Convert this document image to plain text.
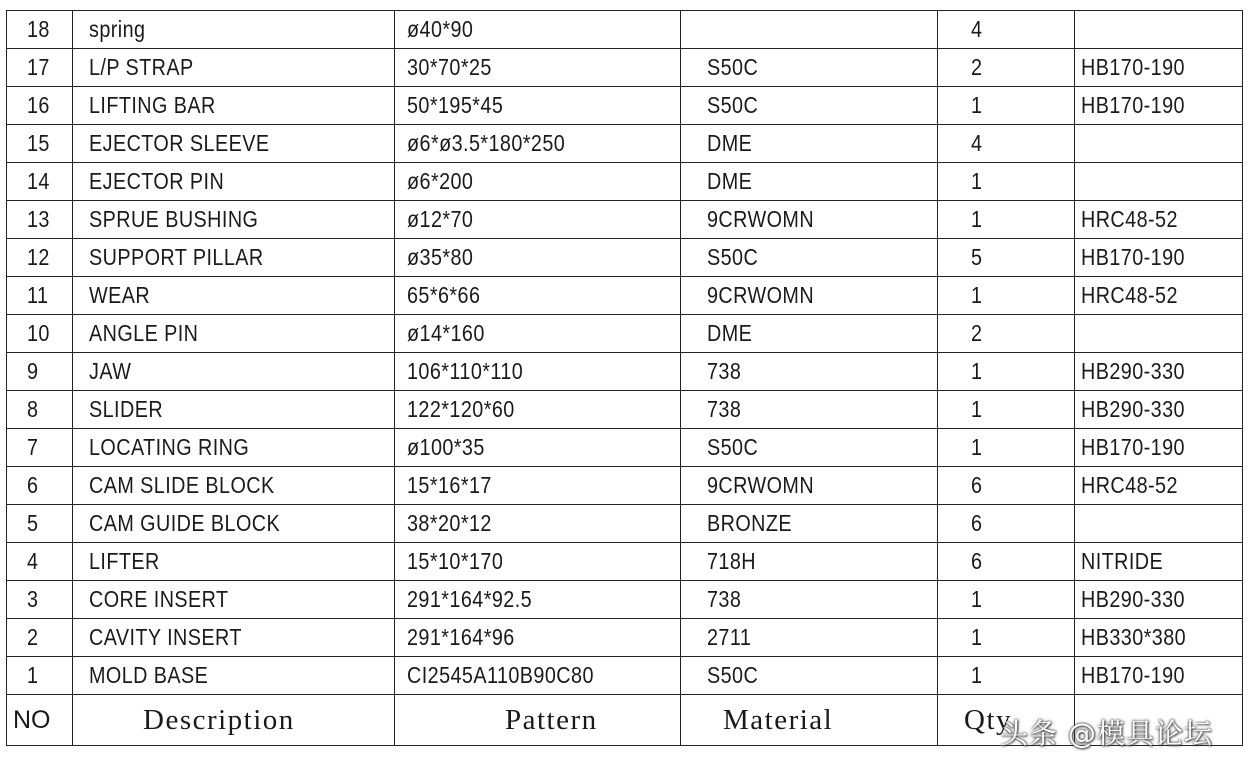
18	spring	ø40*90		4	
17	L/P STRAP	30*70*25	S50C	2	HB170-190
16	LIFTING BAR	50*195*45	S50C	1	HB170-190
15	EJECTOR SLEEVE	ø6*ø3.5*180*250	DME	4	
14	EJECTOR PIN	ø6*200	DME	1	
13	SPRUE BUSHING	ø12*70	9CRWOMN	1	HRC48-52
12	SUPPORT PILLAR	ø35*80	S50C	5	HB170-190
11	WEAR	65*6*66	9CRWOMN	1	HRC48-52
10	ANGLE PIN	ø14*160	DME	2	
9	JAW	106*110*110	738	1	HB290-330
8	SLIDER	122*120*60	738	1	HB290-330
7	LOCATING RING	ø100*35	S50C	1	HB170-190
6	CAM SLIDE BLOCK	15*16*17	9CRWOMN	6	HRC48-52
5	CAM GUIDE BLOCK	38*20*12	BRONZE	6	
4	LIFTER	15*10*170	718H	6	NITRIDE
3	CORE INSERT	291*164*92.5	738	1	HB290-330
2	CAVITY INSERT	291*164*96	2711	1	HB330*380
1	MOLD BASE	CI2545A110B90C80	S50C	1	HB170-190
NO	Description	Pattern	Material	Qty	
头条 @模具论坛
